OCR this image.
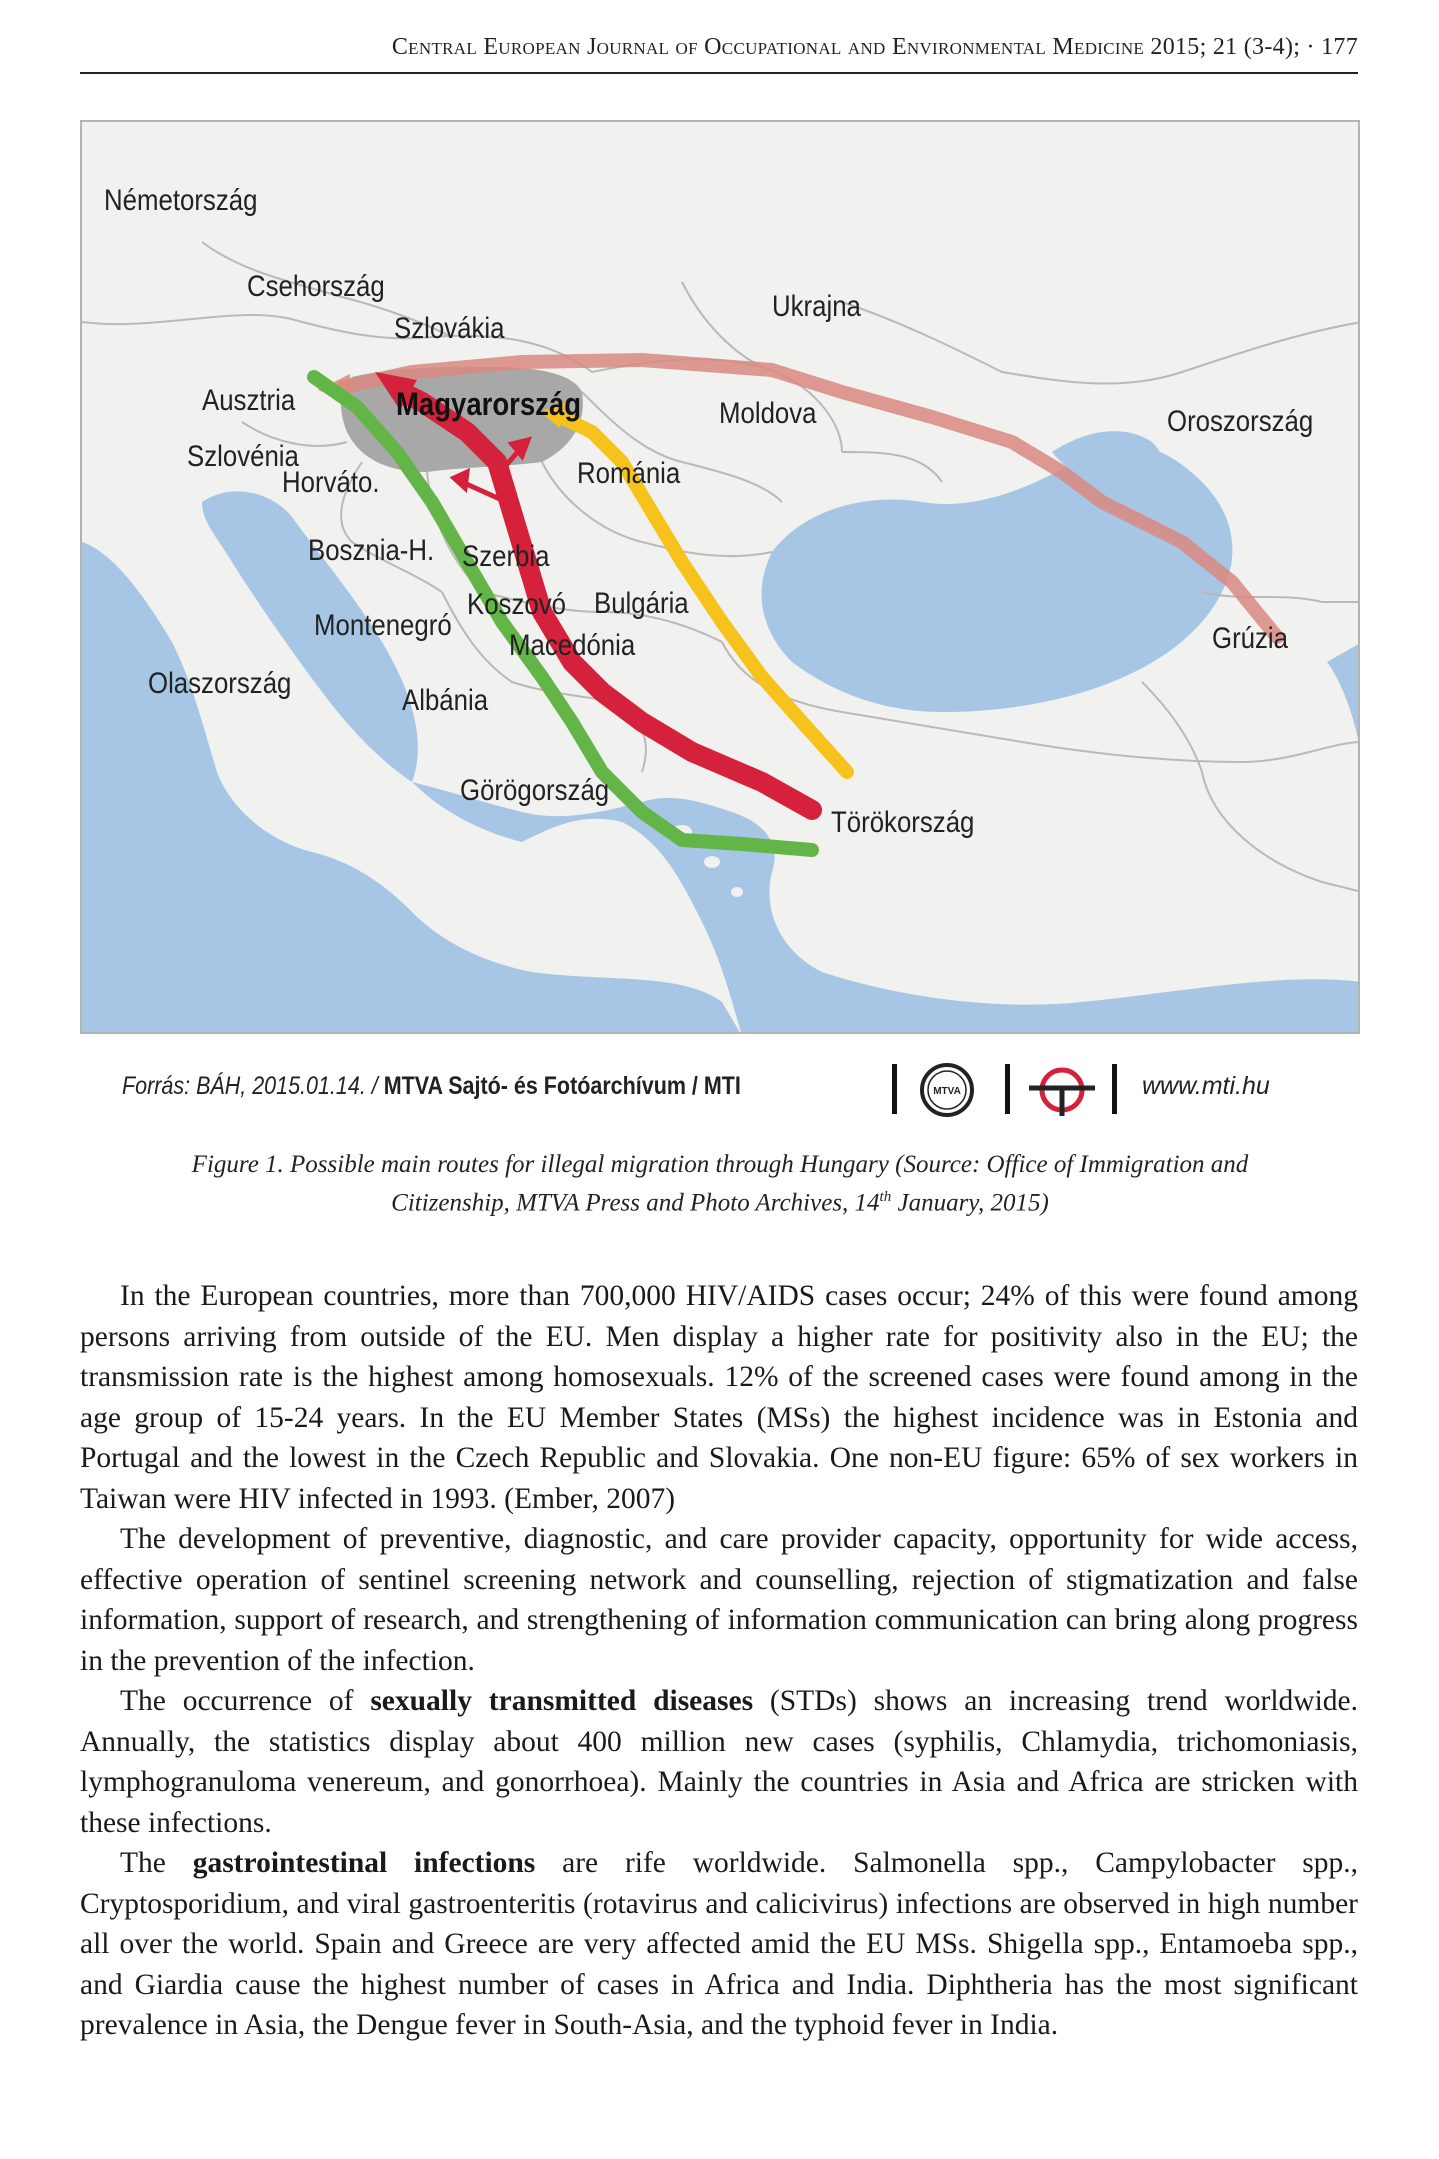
Central European Journal of Occupational and Environmental Medicine 2015; 21 (3-4); · 177
Németország
Csehország
Szlovákia
Ukrajna
Ausztria	Magyarország	Moldova	Oroszország
Szlovénia
Horváto.	Románia
Bosznia-H. Szerbia
Koszovó Bulgária
Montenegró
Macedónia	Grúzia
Olaszország
Albánia
Görögország
Törökország
Forrás: BÁH, 2015.01.14. / MTVA Sajtó- és Fotóarchívum / MTI	MTVA	www.mti.hu
Figure 1. Possible main routes for illegal migration through Hungary (Source: Office of Immigration and
Citizenship, MTVA Press and Photo Archives, 14th January, 2015)

In the European countries, more than 700,000 HIV/AIDS cases occur; 24% of this were found among persons arriving from outside of the EU. Men display a higher rate for positivity also in the EU; the transmission rate is the highest among homosexuals. 12% of the screened cases were found among in the age group of 15-24 years. In the EU Member States (MSs) the highest incidence was in Estonia and Portugal and the lowest in the Czech Republic and Slovakia. One non-EU figure: 65% of sex workers in Taiwan were HIV infected in 1993. (Ember, 2007)

The development of preventive, diagnostic, and care provider capacity, opportunity for wide access, effective operation of sentinel screening network and counselling, rejection of stigmatization and false information, support of research, and strengthening of information communication can bring along progress in the prevention of the infection.

The occurrence of sexually transmitted diseases (STDs) shows an increasing trend worldwide. Annually, the statistics display about 400 million new cases (syphilis, Chlamydia, trichomoniasis, lymphogranuloma venereum, and gonorrhoea). Mainly the countries in Asia and Africa are stricken with these infections.

The gastrointestinal infections are rife worldwide. Salmonella spp., Campylobacter spp., Cryptosporidium, and viral gastroenteritis (rotavirus and calicivirus) infections are observed in high number all over the world. Spain and Greece are very affected amid the EU MSs. Shigella spp., Entamoeba spp., and Giardia cause the highest number of cases in Africa and India. Diphtheria has the most significant prevalence in Asia, the Dengue fever in South-Asia, and the typhoid fever in India.
